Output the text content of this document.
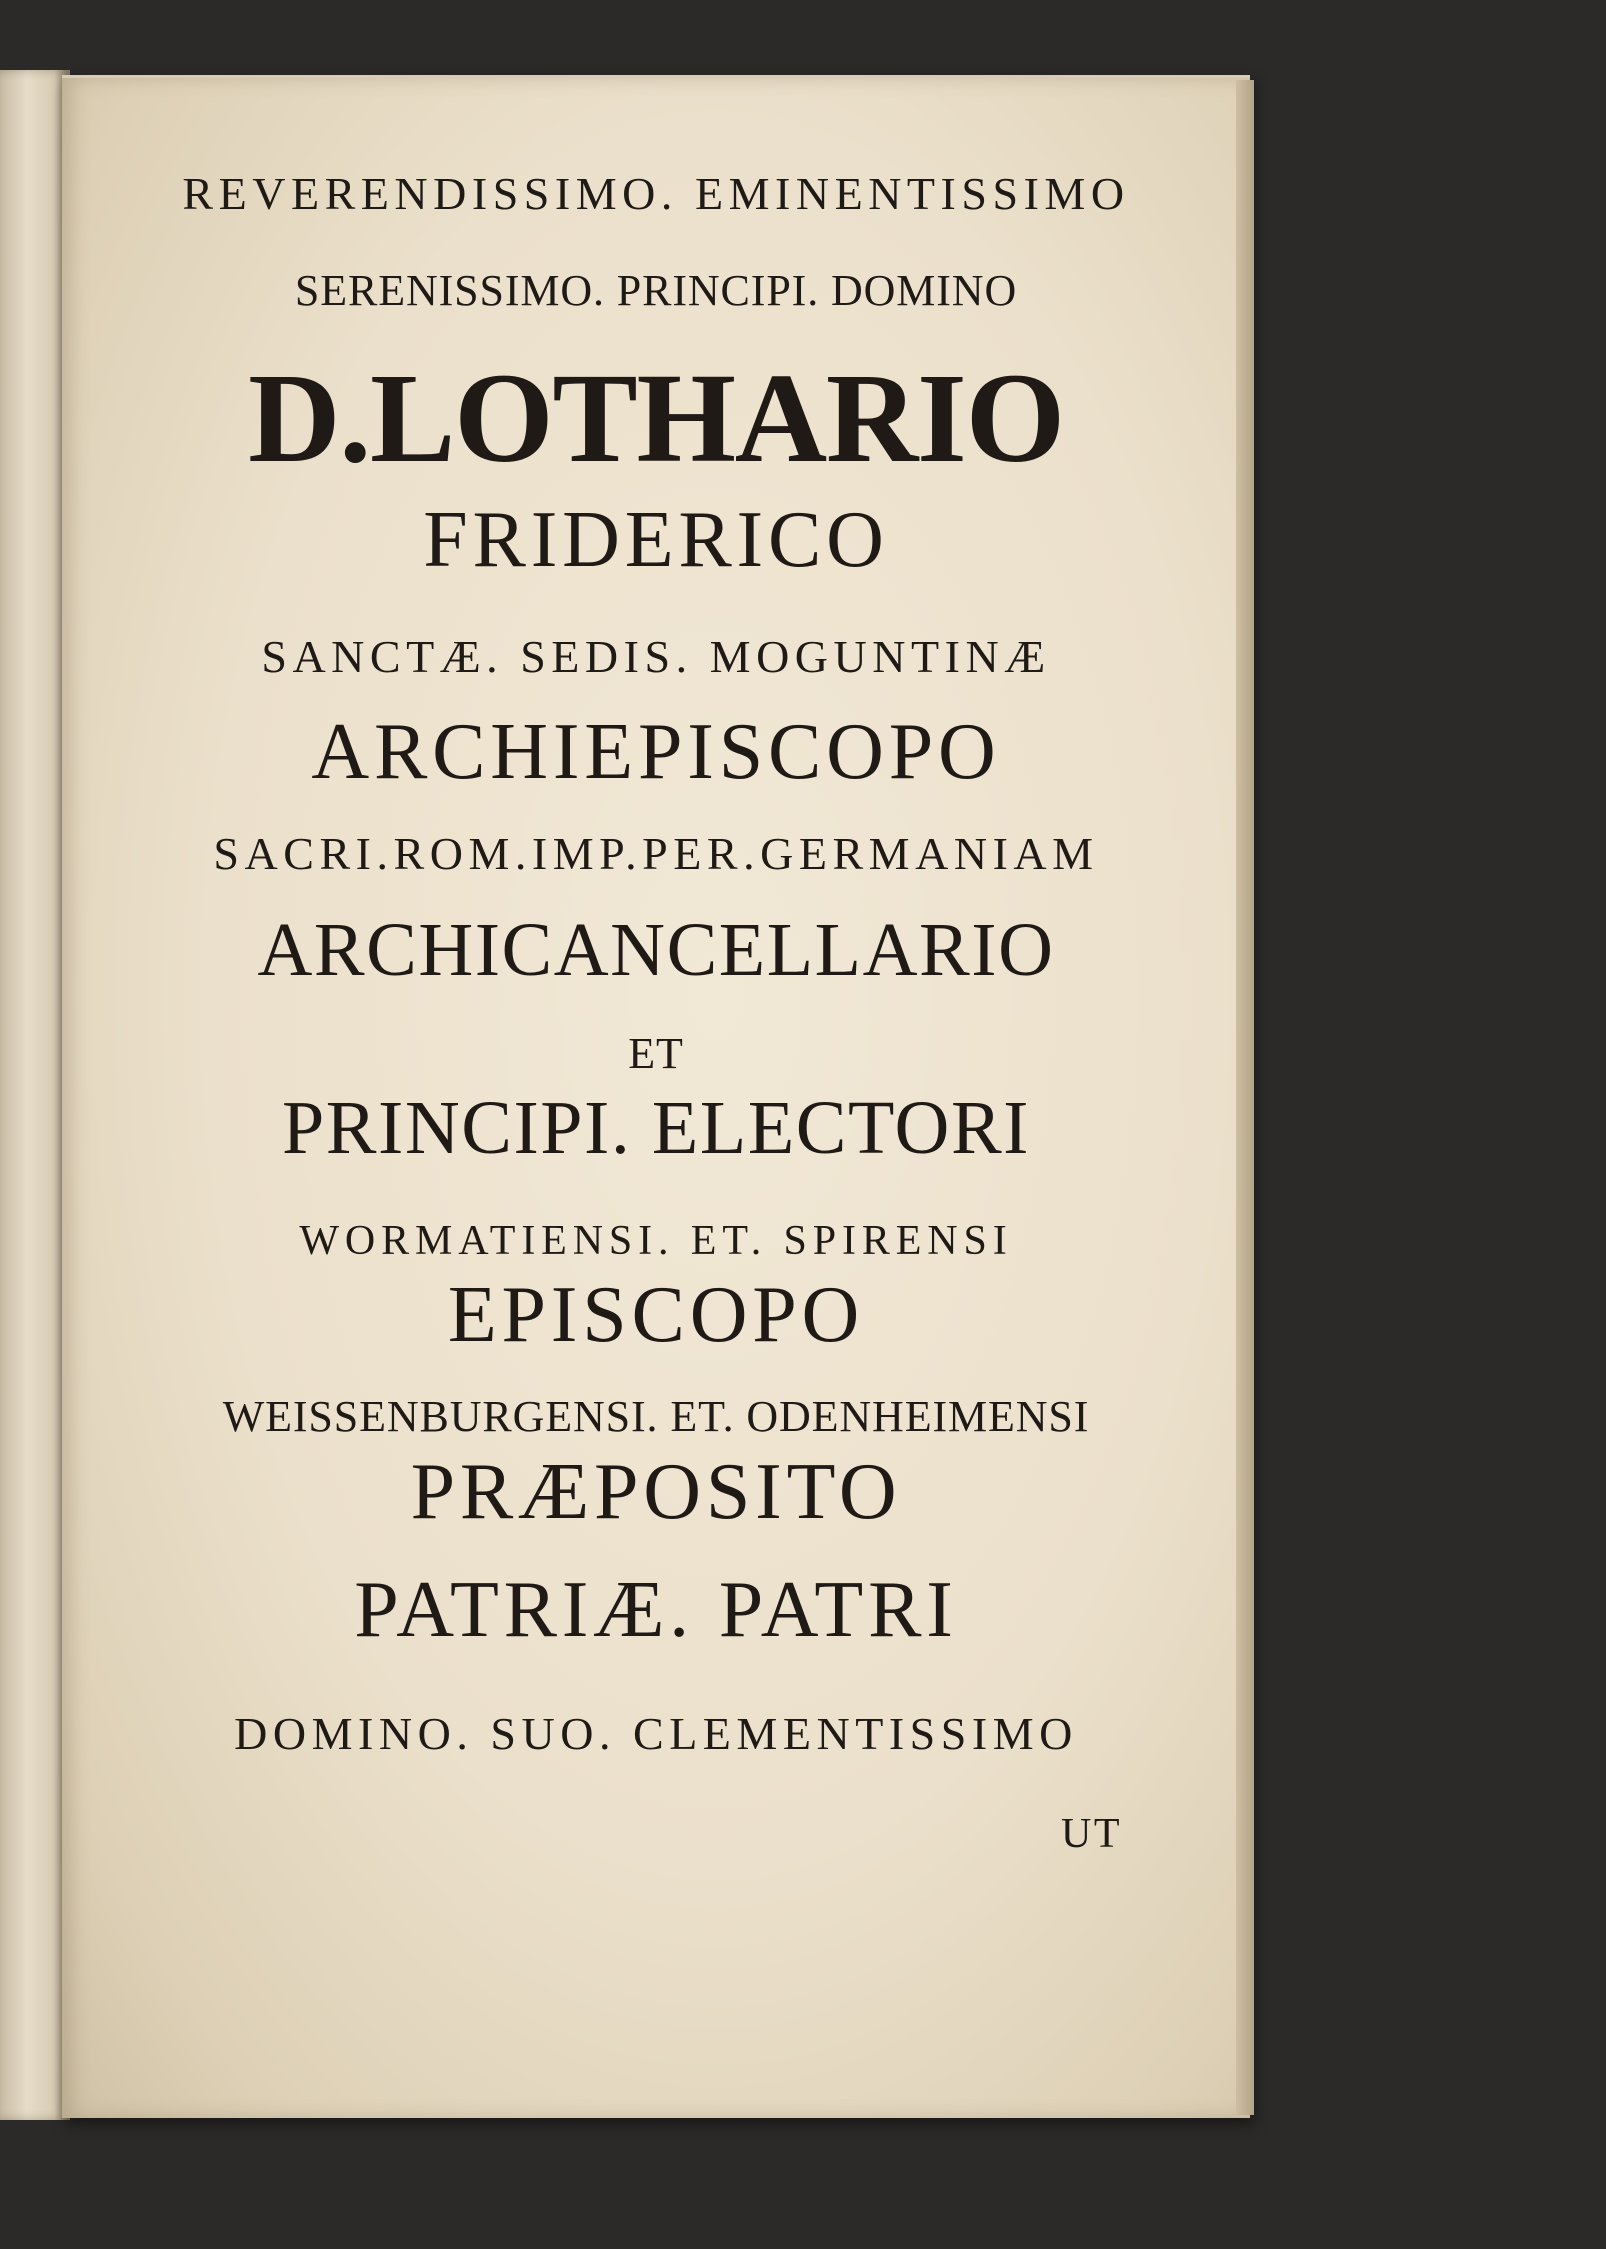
REVERENDISSIMO. EMINENTISSIMO
SERENISSIMO. PRINCIPI. DOMINO
D.LOTHARIO
FRIDERICO
SANCTÆ. SEDIS. MOGUNTINÆ
ARCHIEPISCOPO
SACRI.ROM.IMP.PER.GERMANIAM
ARCHICANCELLARIO
ET
PRINCIPI. ELECTORI
WORMATIENSI. ET. SPIRENSI
EPISCOPO
WEISSENBURGENSI. ET. ODENHEIMENSI
PRÆPOSITO
PATRIÆ. PATRI
DOMINO. SUO. CLEMENTISSIMO
UT
